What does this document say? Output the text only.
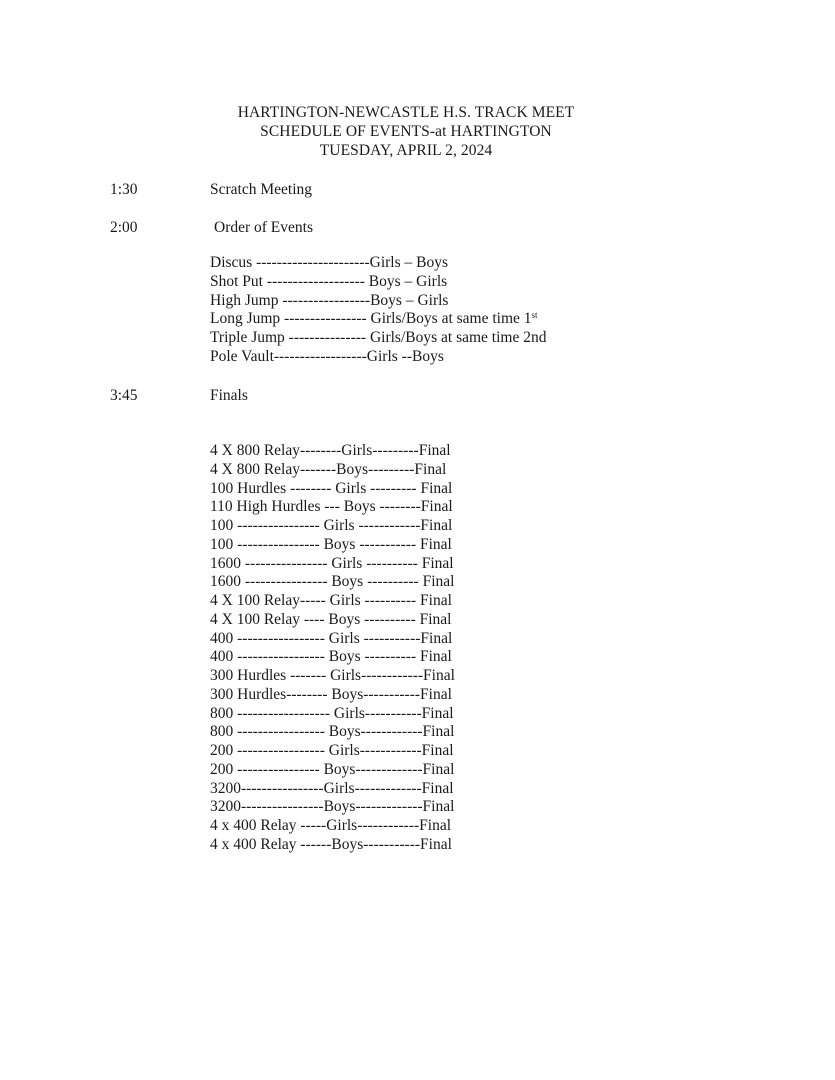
HARTINGTON-NEWCASTLE H.S. TRACK MEET
SCHEDULE OF EVENTS-at HARTINGTON
TUESDAY, APRIL 2, 2024
1:30	Scratch Meeting
2:00	Order of Events
Discus ----------------------Girls – Boys
Shot Put ------------------- Boys – Girls
High Jump -----------------Boys – Girls
Long Jump ---------------- Girls/Boys at same time 1st
Triple Jump --------------- Girls/Boys at same time 2nd
Pole Vault------------------Girls --Boys
3:45	Finals
4 X 800 Relay--------Girls---------Final
4 X 800 Relay-------Boys---------Final
100 Hurdles -------- Girls --------- Final
110 High Hurdles --- Boys --------Final
100 ---------------- Girls ------------Final
100 ---------------- Boys ----------- Final
1600 ---------------- Girls ---------- Final
1600 ---------------- Boys ---------- Final
4 X 100 Relay----- Girls ---------- Final
4 X 100 Relay ---- Boys ---------- Final
400 ----------------- Girls -----------Final
400 ----------------- Boys ---------- Final
300 Hurdles ------- Girls------------Final
300 Hurdles-------- Boys-----------Final
800 ------------------ Girls-----------Final
800 ----------------- Boys------------Final
200 ----------------- Girls------------Final
200 ---------------- Boys-------------Final
3200----------------Girls-------------Final
3200----------------Boys-------------Final
4 x 400 Relay -----Girls------------Final
4 x 400 Relay ------Boys-----------Final
